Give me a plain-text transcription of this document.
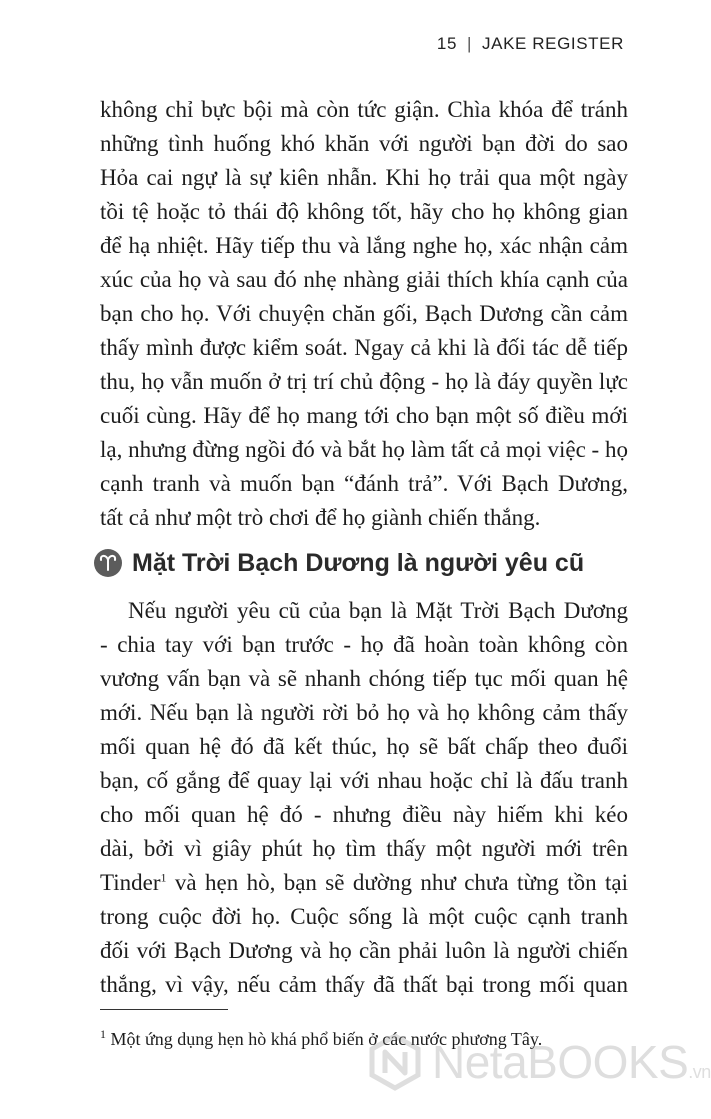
15 | JAKE REGISTER
không chỉ bực bội mà còn tức giận. Chìa khóa để tránh
những tình huống khó khăn với người bạn đời do sao
Hỏa cai ngự là sự kiên nhẫn. Khi họ trải qua một ngày
tồi tệ hoặc tỏ thái độ không tốt, hãy cho họ không gian
để hạ nhiệt. Hãy tiếp thu và lắng nghe họ, xác nhận cảm
xúc của họ và sau đó nhẹ nhàng giải thích khía cạnh của
bạn cho họ. Với chuyện chăn gối, Bạch Dương cần cảm
thấy mình được kiểm soát. Ngay cả khi là đối tác dễ tiếp
thu, họ vẫn muốn ở trị trí chủ động - họ là đáy quyền lực
cuối cùng. Hãy để họ mang tới cho bạn một số điều mới
lạ, nhưng đừng ngồi đó và bắt họ làm tất cả mọi việc - họ
cạnh tranh và muốn bạn “đánh trả”. Với Bạch Dương,
tất cả như một trò chơi để họ giành chiến thắng.
Mặt Trời Bạch Dương là người yêu cũ
Nếu người yêu cũ của bạn là Mặt Trời Bạch Dương
- chia tay với bạn trước - họ đã hoàn toàn không còn
vương vấn bạn và sẽ nhanh chóng tiếp tục mối quan hệ
mới. Nếu bạn là người rời bỏ họ và họ không cảm thấy
mối quan hệ đó đã kết thúc, họ sẽ bất chấp theo đuổi
bạn, cố gắng để quay lại với nhau hoặc chỉ là đấu tranh
cho mối quan hệ đó - nhưng điều này hiếm khi kéo
dài, bởi vì giây phút họ tìm thấy một người mới trên
Tinder$^1$ và hẹn hò, bạn sẽ dường như chưa từng tồn tại
trong cuộc đời họ. Cuộc sống là một cuộc cạnh tranh
đối với Bạch Dương và họ cần phải luôn là người chiến
thắng, vì vậy, nếu cảm thấy đã thất bại trong mối quan
$^1$ Một ứng dụng hẹn hò khá phổ biến ở các nước phương Tây.
NetaBOOKS.vn
